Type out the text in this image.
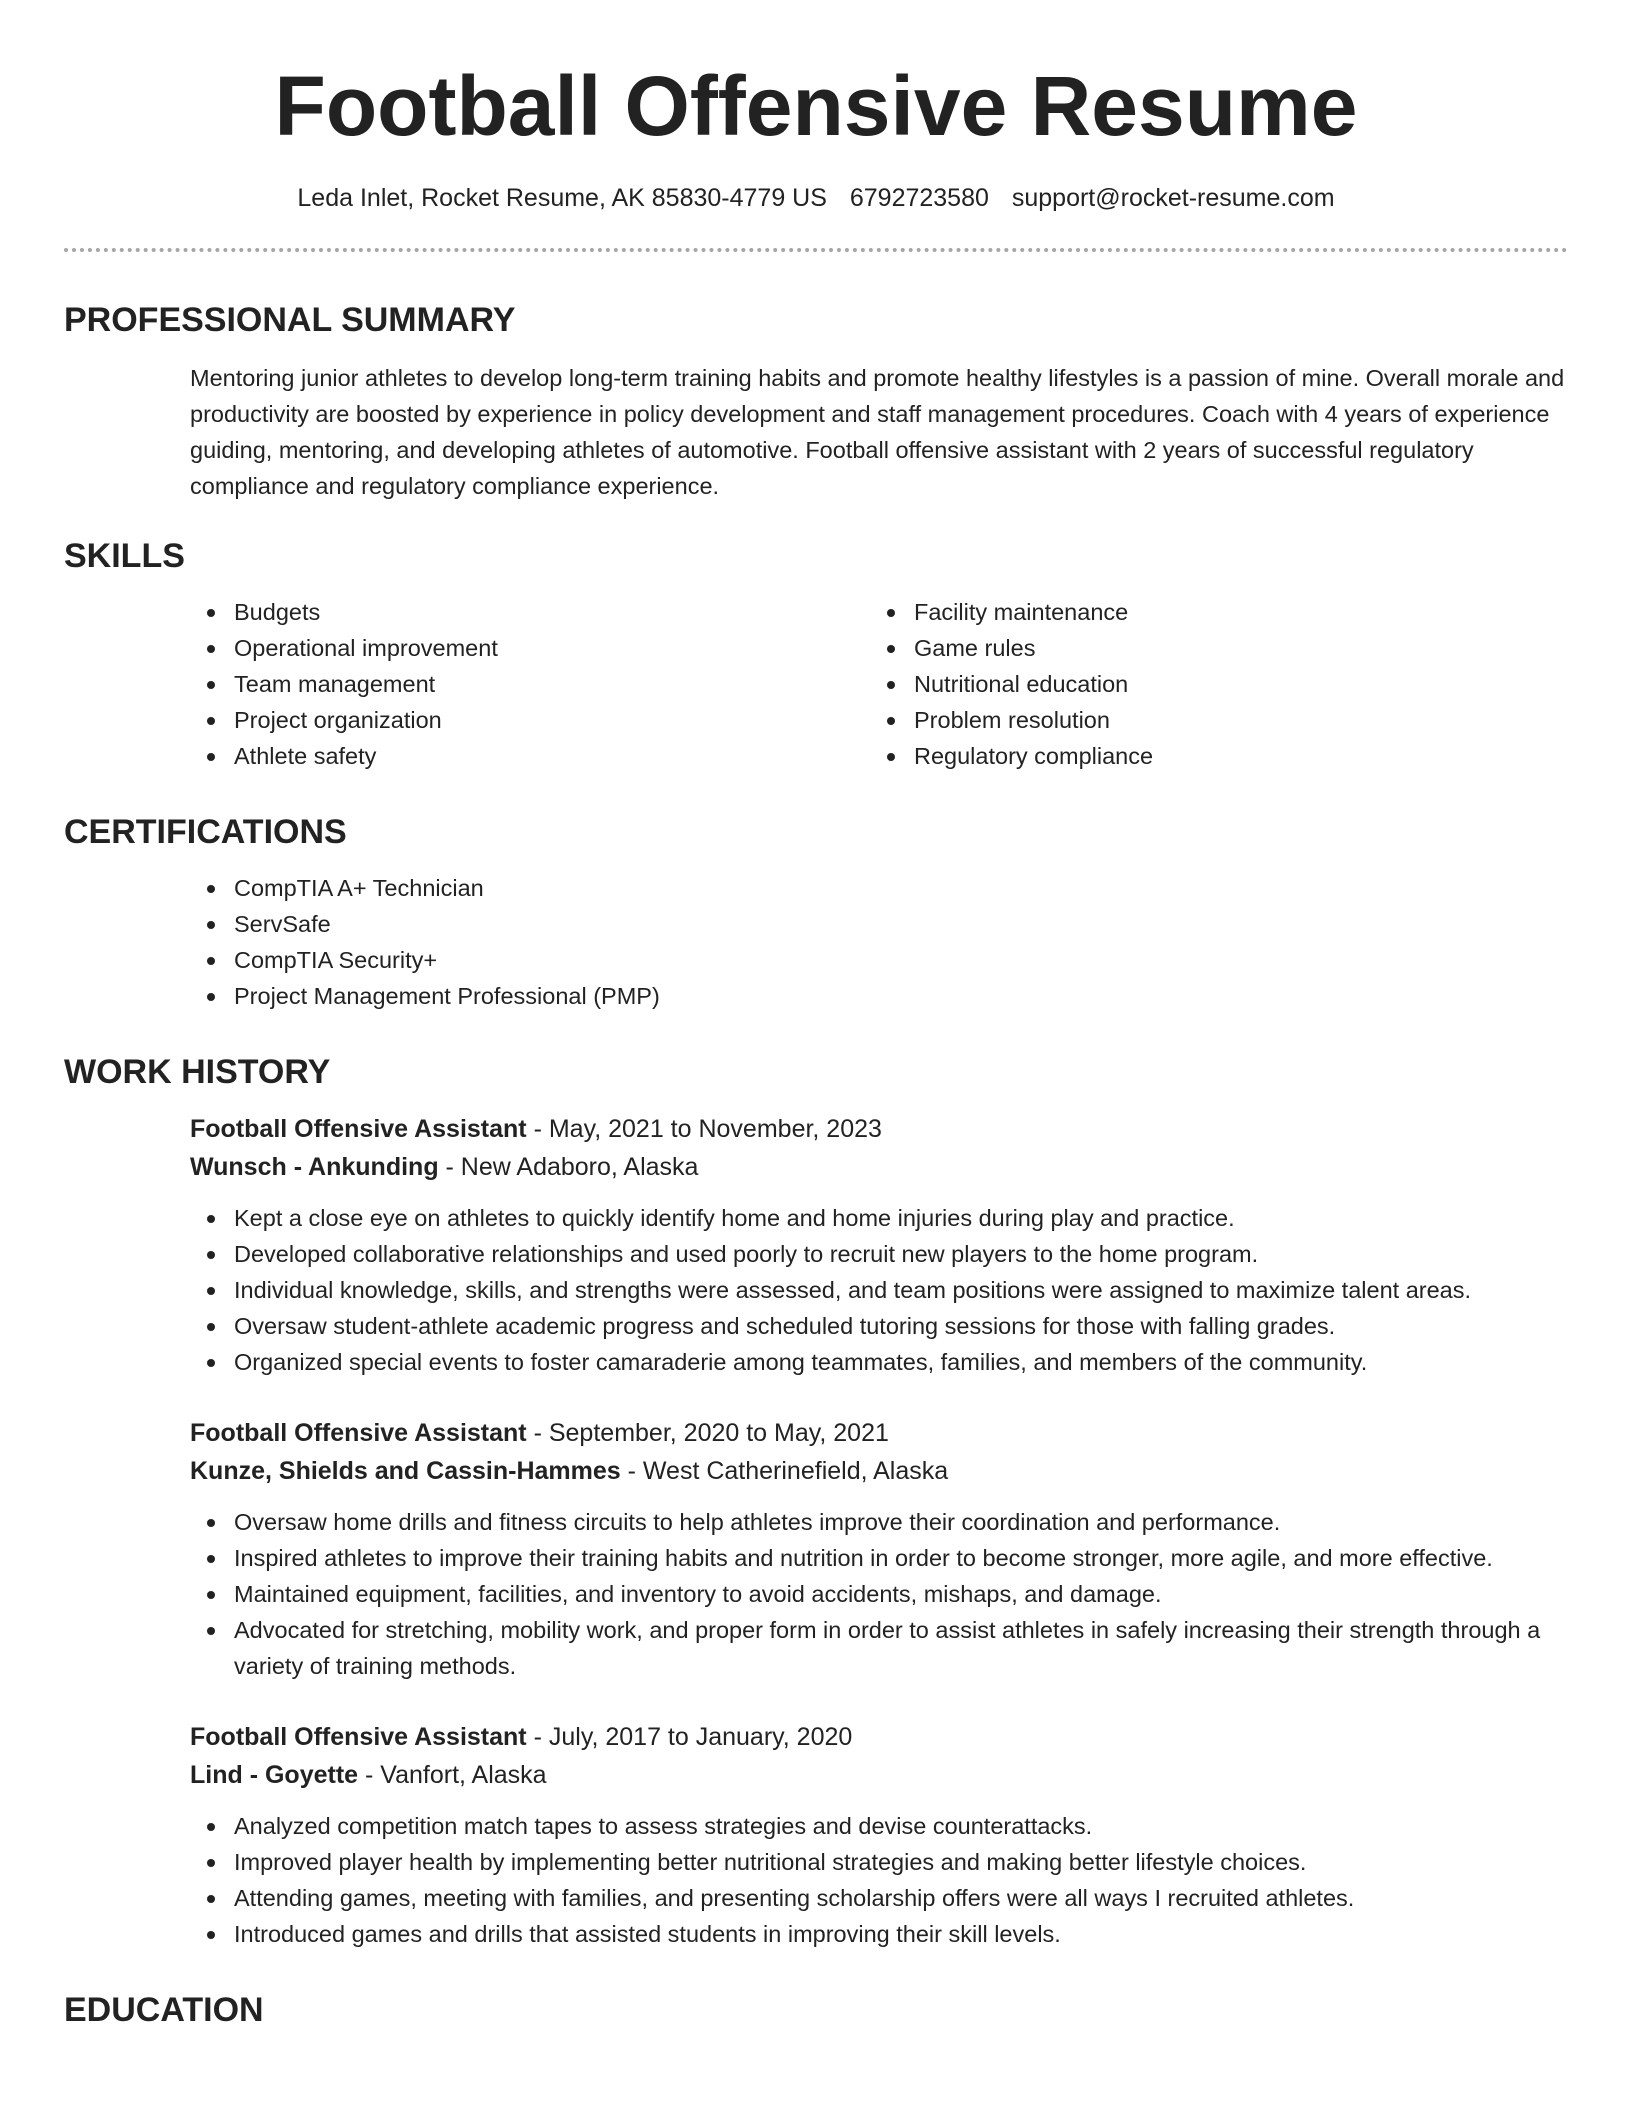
Football Offensive Resume
Leda Inlet, Rocket Resume, AK 85830-4779 US 6792723580 support@rocket-resume.com
PROFESSIONAL SUMMARY
Mentoring junior athletes to develop long-term training habits and promote healthy lifestyles is a passion of mine. Overall morale and productivity are boosted by experience in policy development and staff management procedures. Coach with 4 years of experience guiding, mentoring, and developing athletes of automotive. Football offensive assistant with 2 years of successful regulatory compliance and regulatory compliance experience.
SKILLS
Budgets
Operational improvement
Team management
Project organization
Athlete safety
Facility maintenance
Game rules
Nutritional education
Problem resolution
Regulatory compliance
CERTIFICATIONS
CompTIA A+ Technician
ServSafe
CompTIA Security+
Project Management Professional (PMP)
WORK HISTORY
Football Offensive Assistant - May, 2021 to November, 2023
Wunsch - Ankunding - New Adaboro, Alaska
Kept a close eye on athletes to quickly identify home and home injuries during play and practice.
Developed collaborative relationships and used poorly to recruit new players to the home program.
Individual knowledge, skills, and strengths were assessed, and team positions were assigned to maximize talent areas.
Oversaw student-athlete academic progress and scheduled tutoring sessions for those with falling grades.
Organized special events to foster camaraderie among teammates, families, and members of the community.
Football Offensive Assistant - September, 2020 to May, 2021
Kunze, Shields and Cassin-Hammes - West Catherinefield, Alaska
Oversaw home drills and fitness circuits to help athletes improve their coordination and performance.
Inspired athletes to improve their training habits and nutrition in order to become stronger, more agile, and more effective.
Maintained equipment, facilities, and inventory to avoid accidents, mishaps, and damage.
Advocated for stretching, mobility work, and proper form in order to assist athletes in safely increasing their strength through a variety of training methods.
Football Offensive Assistant - July, 2017 to January, 2020
Lind - Goyette - Vanfort, Alaska
Analyzed competition match tapes to assess strategies and devise counterattacks.
Improved player health by implementing better nutritional strategies and making better lifestyle choices.
Attending games, meeting with families, and presenting scholarship offers were all ways I recruited athletes.
Introduced games and drills that assisted students in improving their skill levels.
EDUCATION
